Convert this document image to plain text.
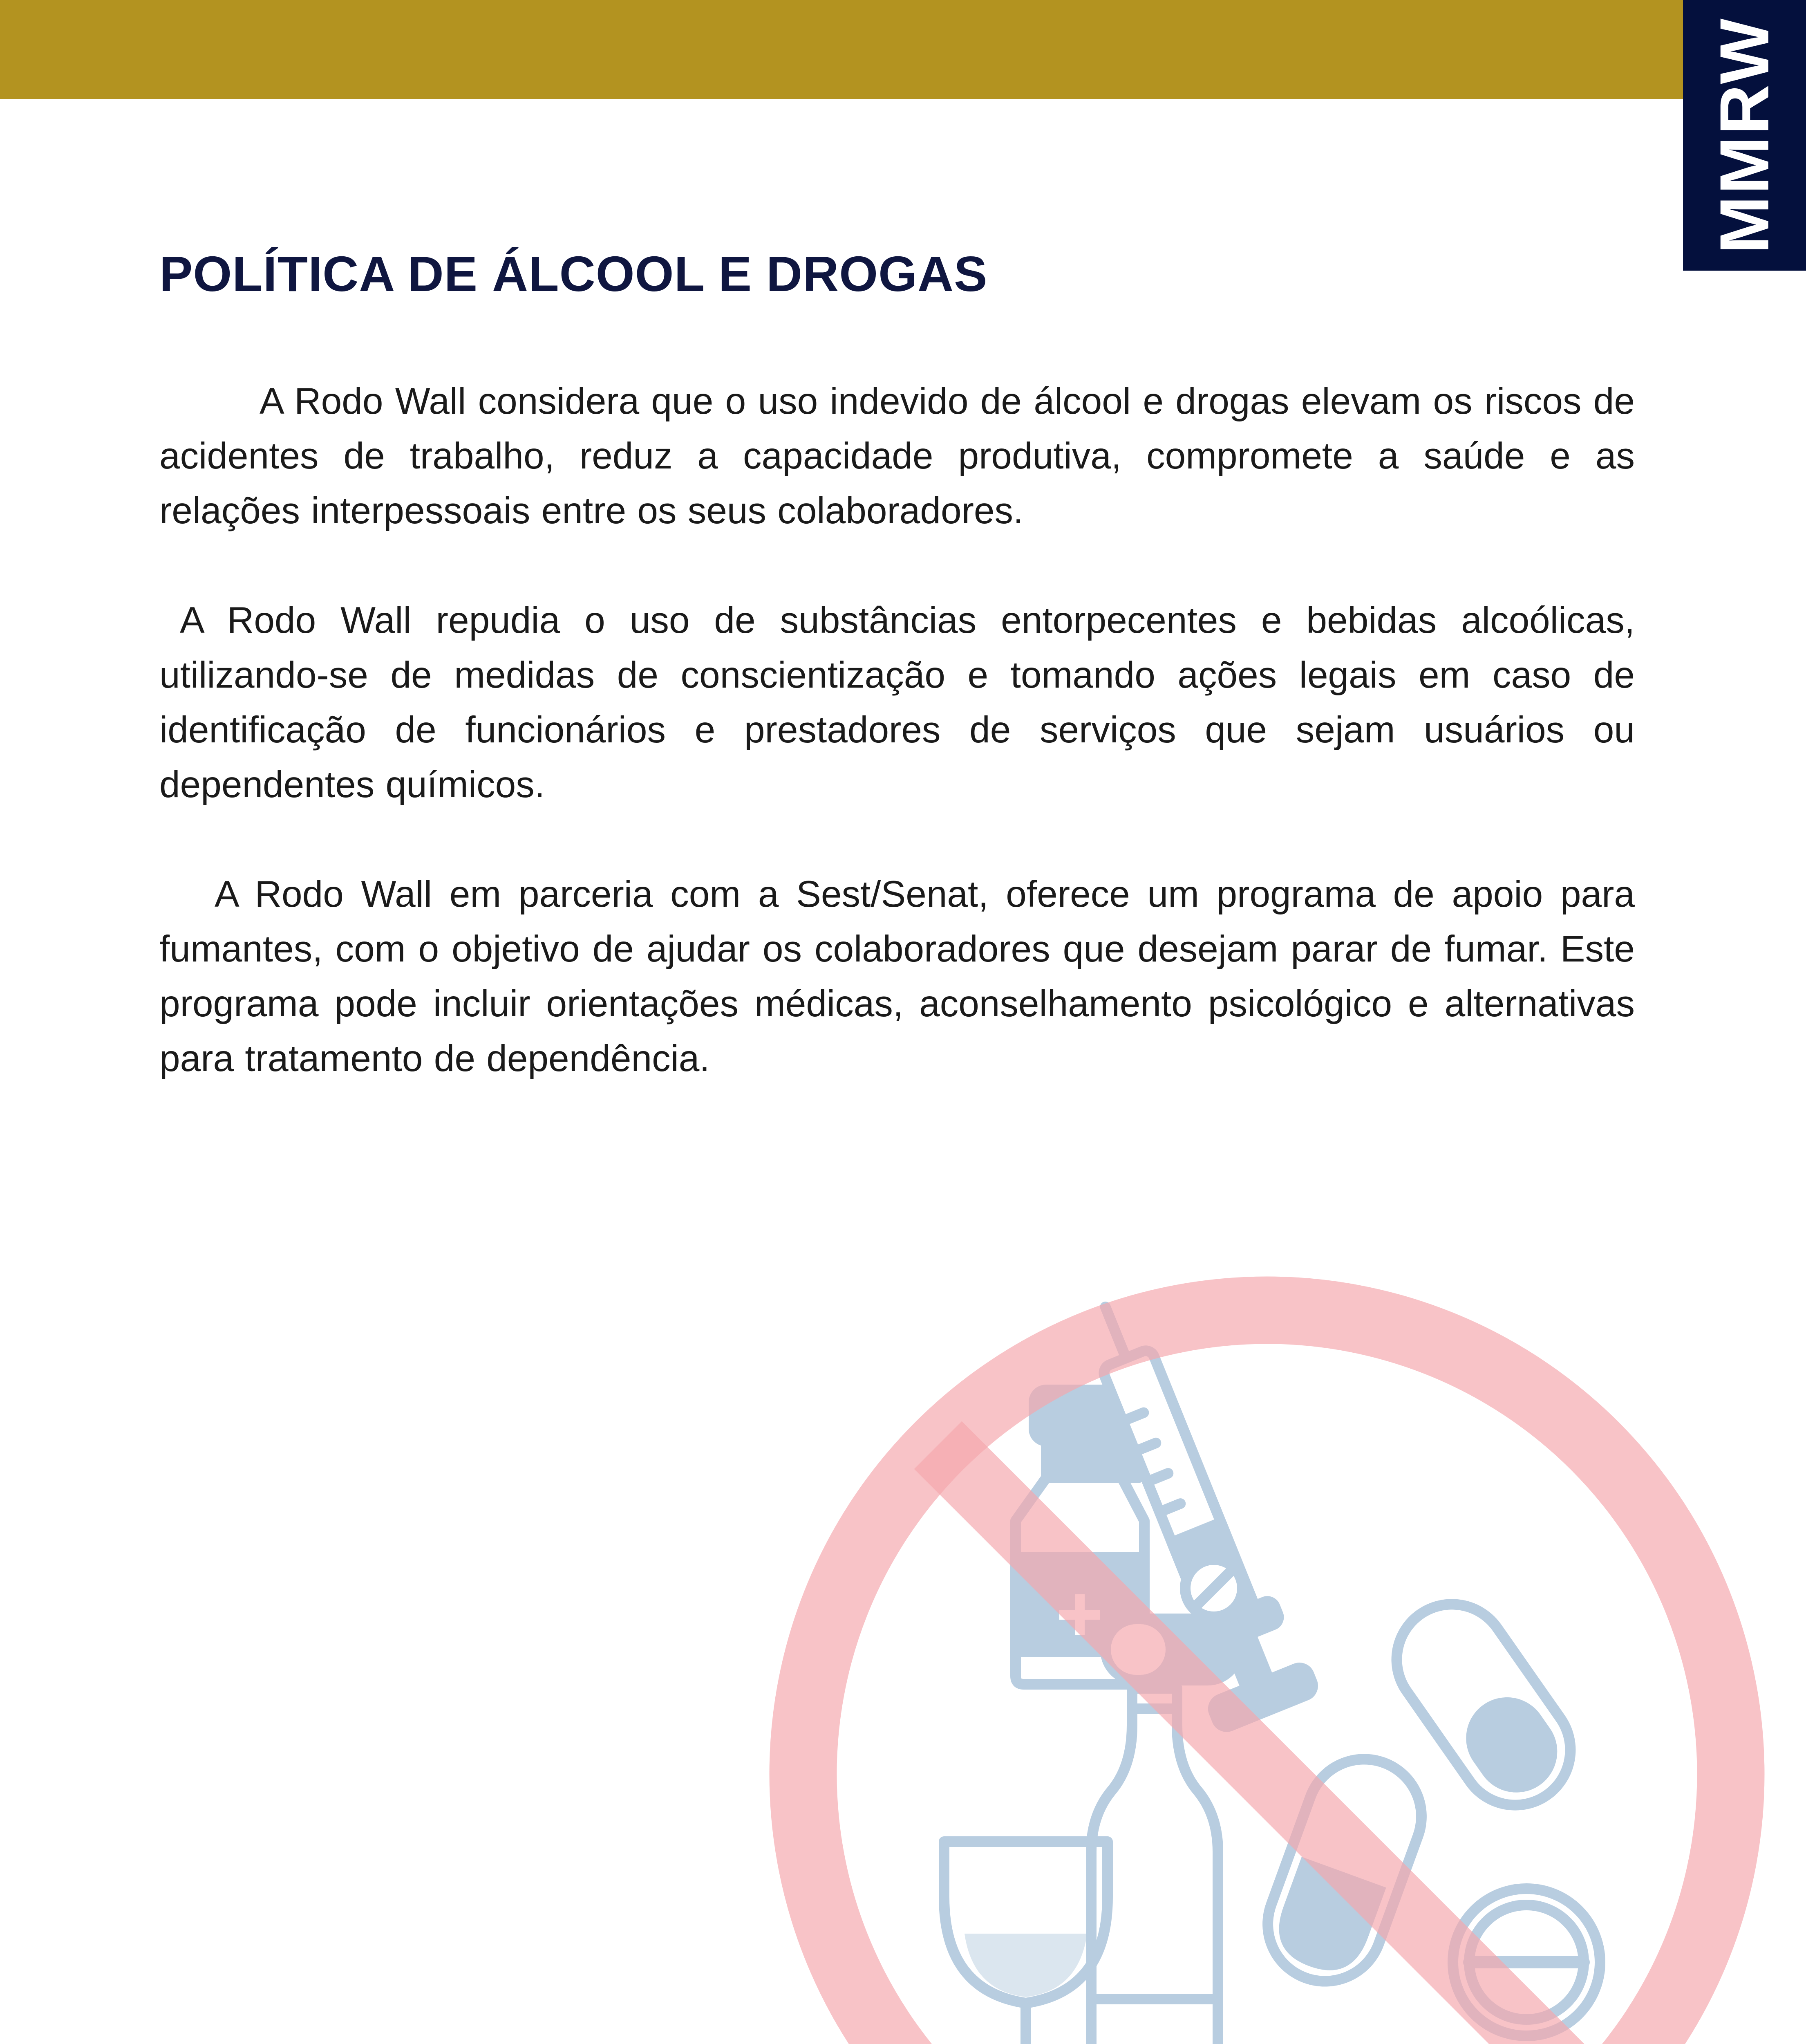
MMRW
POLÍTICA DE ÁLCOOL E DROGAS

A Rodo Wall considera que o uso indevido de álcool e drogas elevam os riscos de acidentes de trabalho, reduz a capacidade produtiva, compromete a saúde e as relações interpessoais entre os seus colaboradores.

A Rodo Wall repudia o uso de substâncias entorpecentes e bebidas alcoólicas, utilizando-se de medidas de conscientização e tomando ações legais em caso de identificação de funcionários e prestadores de serviços que sejam usuários ou dependentes químicos.

A Rodo Wall em parceria com a Sest/Senat, oferece um programa de apoio para fumantes, com o objetivo de ajudar os colaboradores que desejam parar de fumar. Este programa pode incluir orientações médicas, aconselhamento psicológico e alternativas para tratamento de dependência.
